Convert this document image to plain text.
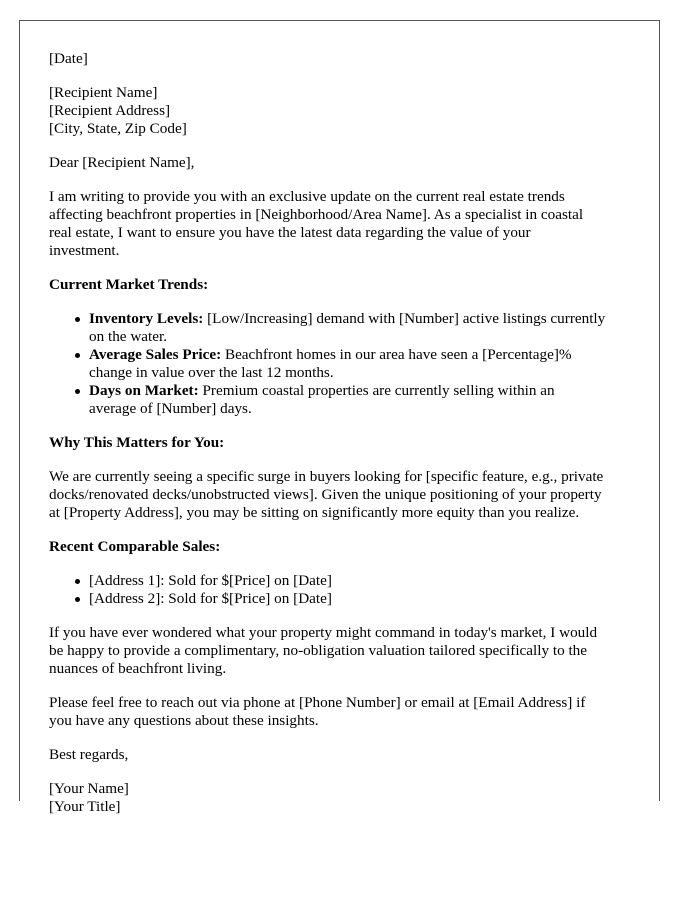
[Date]

[Recipient Name]
[Recipient Address]
[City, State, Zip Code]

Dear [Recipient Name],

I am writing to provide you with an exclusive update on the current real estate trends
affecting beachfront properties in [Neighborhood/Area Name]. As a specialist in coastal
real estate, I want to ensure you have the latest data regarding the value of your
investment.

Current Market Trends:

Inventory Levels: [Low/Increasing] demand with [Number] active listings currently
on the water.
Average Sales Price: Beachfront homes in our area have seen a [Percentage]%
change in value over the last 12 months.
Days on Market: Premium coastal properties are currently selling within an
average of [Number] days.

Why This Matters for You:

We are currently seeing a specific surge in buyers looking for [specific feature, e.g., private
docks/renovated decks/unobstructed views]. Given the unique positioning of your property
at [Property Address], you may be sitting on significantly more equity than you realize.

Recent Comparable Sales:

[Address 1]: Sold for $[Price] on [Date]
[Address 2]: Sold for $[Price] on [Date]
If you have ever wondered what your property might command in today's market, I would
be happy to provide a complimentary, no-obligation valuation tailored specifically to the
nuances of beachfront living.
Please feel free to reach out via phone at [Phone Number] or email at [Email Address] if
you have any questions about these insights.

Best regards,

[Your Name]
[Your Title]
